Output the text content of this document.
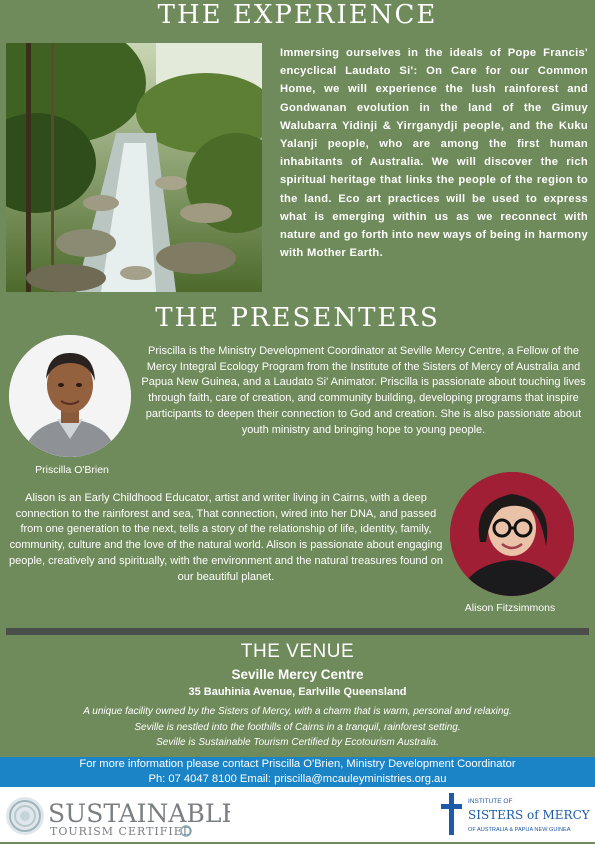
THE EXPERIENCE
Immersing ourselves in the ideals of Pope Francis' encyclical Laudato Si': On Care for our Common Home, we will experience the lush rainforest and Gondwanan evolution in the land of the Gimuy Walubarra Yidinji & Yirrganydji people, and the Kuku Yalanji people, who are among the first human inhabitants of Australia. We will discover the rich spiritual heritage that links the people of the region to the land. Eco art practices will be used to express what is emerging within us as we reconnect with nature and go forth into new ways of being in harmony with Mother Earth.
THE PRESENTERS
Priscilla O'Brien
Priscilla is the Ministry Development Coordinator at Seville Mercy Centre, a Fellow of the Mercy Integral Ecology Program from the Institute of the Sisters of Mercy of Australia and Papua New Guinea, and a Laudato Si' Animator. Priscilla is passionate about touching lives through faith, care of creation, and community building, developing programs that inspire participants to deepen their connection to God and creation. She is also passionate about youth ministry and bringing hope to young people.
Alison is an Early Childhood Educator, artist and writer living in Cairns, with a deep connection to the rainforest and sea, That connection, wired into her DNA, and passed from one generation to the next, tells a story of the relationship of life, identity, family, community, culture and the love of the natural world. Alison is passionate about engaging people, creatively and spiritually, with the environment and the natural treasures found on our beautiful planet.
Alison Fitzsimmons
THE VENUE
Seville Mercy Centre
35 Bauhinia Avenue, Earlville Queensland
A unique facility owned by the Sisters of Mercy, with a charm that is warm, personal and relaxing.
Seville is nestled into the foothills of Cairns in a tranquil, rainforest setting.
Seville is Sustainable Tourism Certified by Ecotourism Australia.
For more information please contact Priscilla O'Brien, Ministry Development Coordinator
Ph: 07 4047 8100 Email: priscilla@mcauleyministries.org.au
SUSTAINABLE
TOURISM CERTIFIED
INSTITUTE OF
SISTERS of MERCY
OF AUSTRALIA & PAPUA NEW GUINEA
